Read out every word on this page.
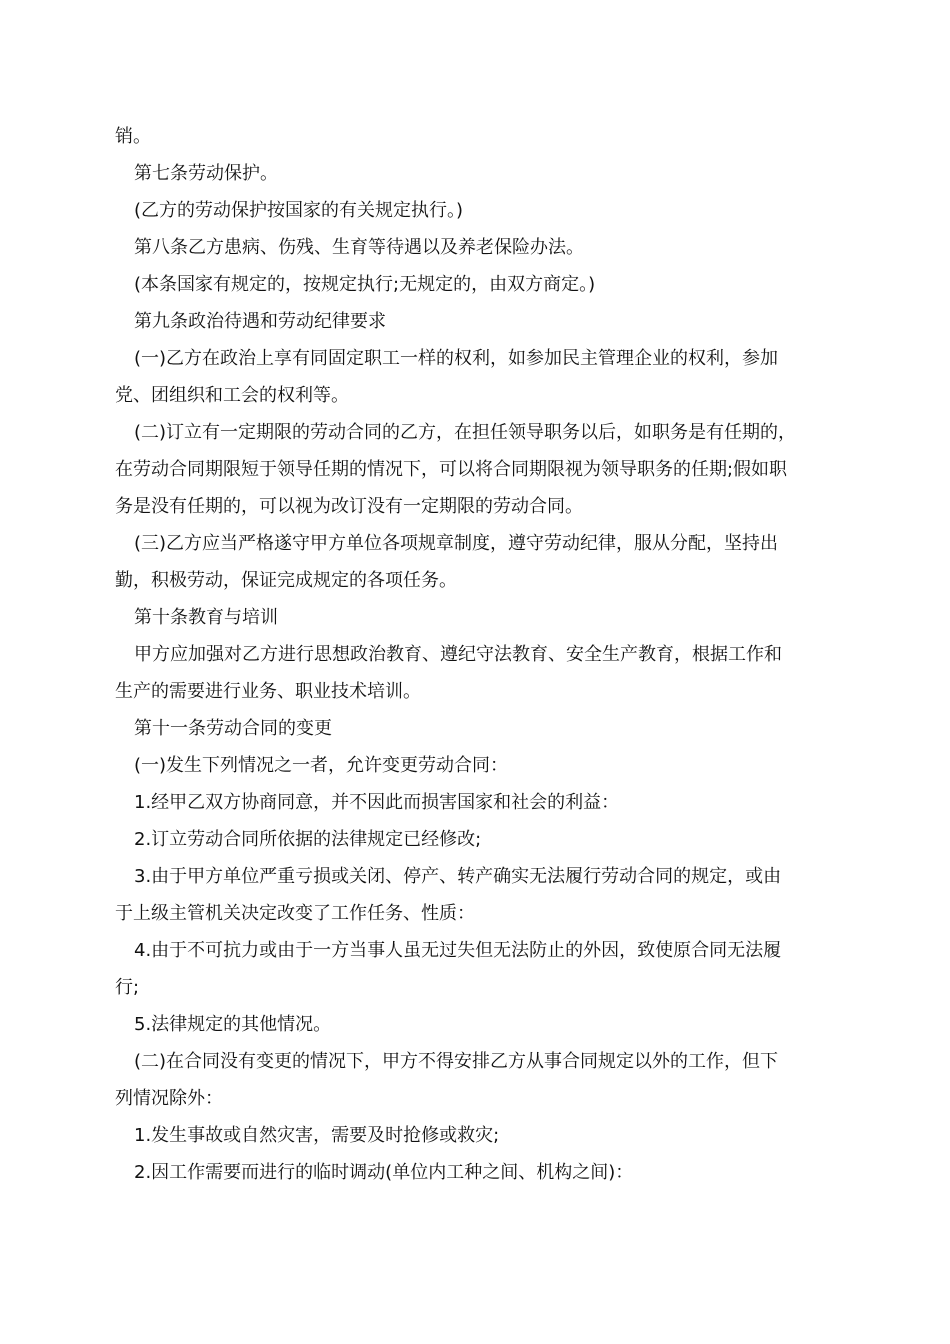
销。
第七条劳动保护。
(乙方的劳动保护按国家的有关规定执行。)
第八条乙方患病、伤残、生育等待遇以及养老保险办法。
(本条国家有规定的，按规定执行;无规定的，由双方商定。)
第九条政治待遇和劳动纪律要求
(一)乙方在政治上享有同固定职工一样的权利，如参加民主管理企业的权利，参加
党、团组织和工会的权利等。
(二)订立有一定期限的劳动合同的乙方，在担任领导职务以后，如职务是有任期的，
在劳动合同期限短于领导任期的情况下，可以将合同期限视为领导职务的任期;假如职
务是没有任期的，可以视为改订没有一定期限的劳动合同。
(三)乙方应当严格遂守甲方单位各项规章制度，遵守劳动纪律，服从分配，坚持出
勤，积极劳动，保证完成规定的各项任务。
第十条教育与培训
甲方应加强对乙方进行思想政治教育、遵纪守法教育、安全生产教育，根据工作和
生产的需要进行业务、职业技术培训。
第十一条劳动合同的变更
(一)发生下列情况之一者，允许变更劳动合同：
1.经甲乙双方协商同意，并不因此而损害国家和社会的利益：
2.订立劳动合同所依据的法律规定已经修改;
3.由于甲方单位严重亏损或关闭、停产、转产确实无法履行劳动合同的规定，或由
于上级主管机关决定改变了工作任务、性质：
4.由于不可抗力或由于一方当事人虽无过失但无法防止的外因，致使原合同无法履
行;
5.法律规定的其他情况。
(二)在合同没有变更的情况下，甲方不得安排乙方从事合同规定以外的工作，但下
列情况除外：
1.发生事故或自然灾害，需要及时抢修或救灾;
2.因工作需要而进行的临时调动(单位内工种之间、机构之间)：
